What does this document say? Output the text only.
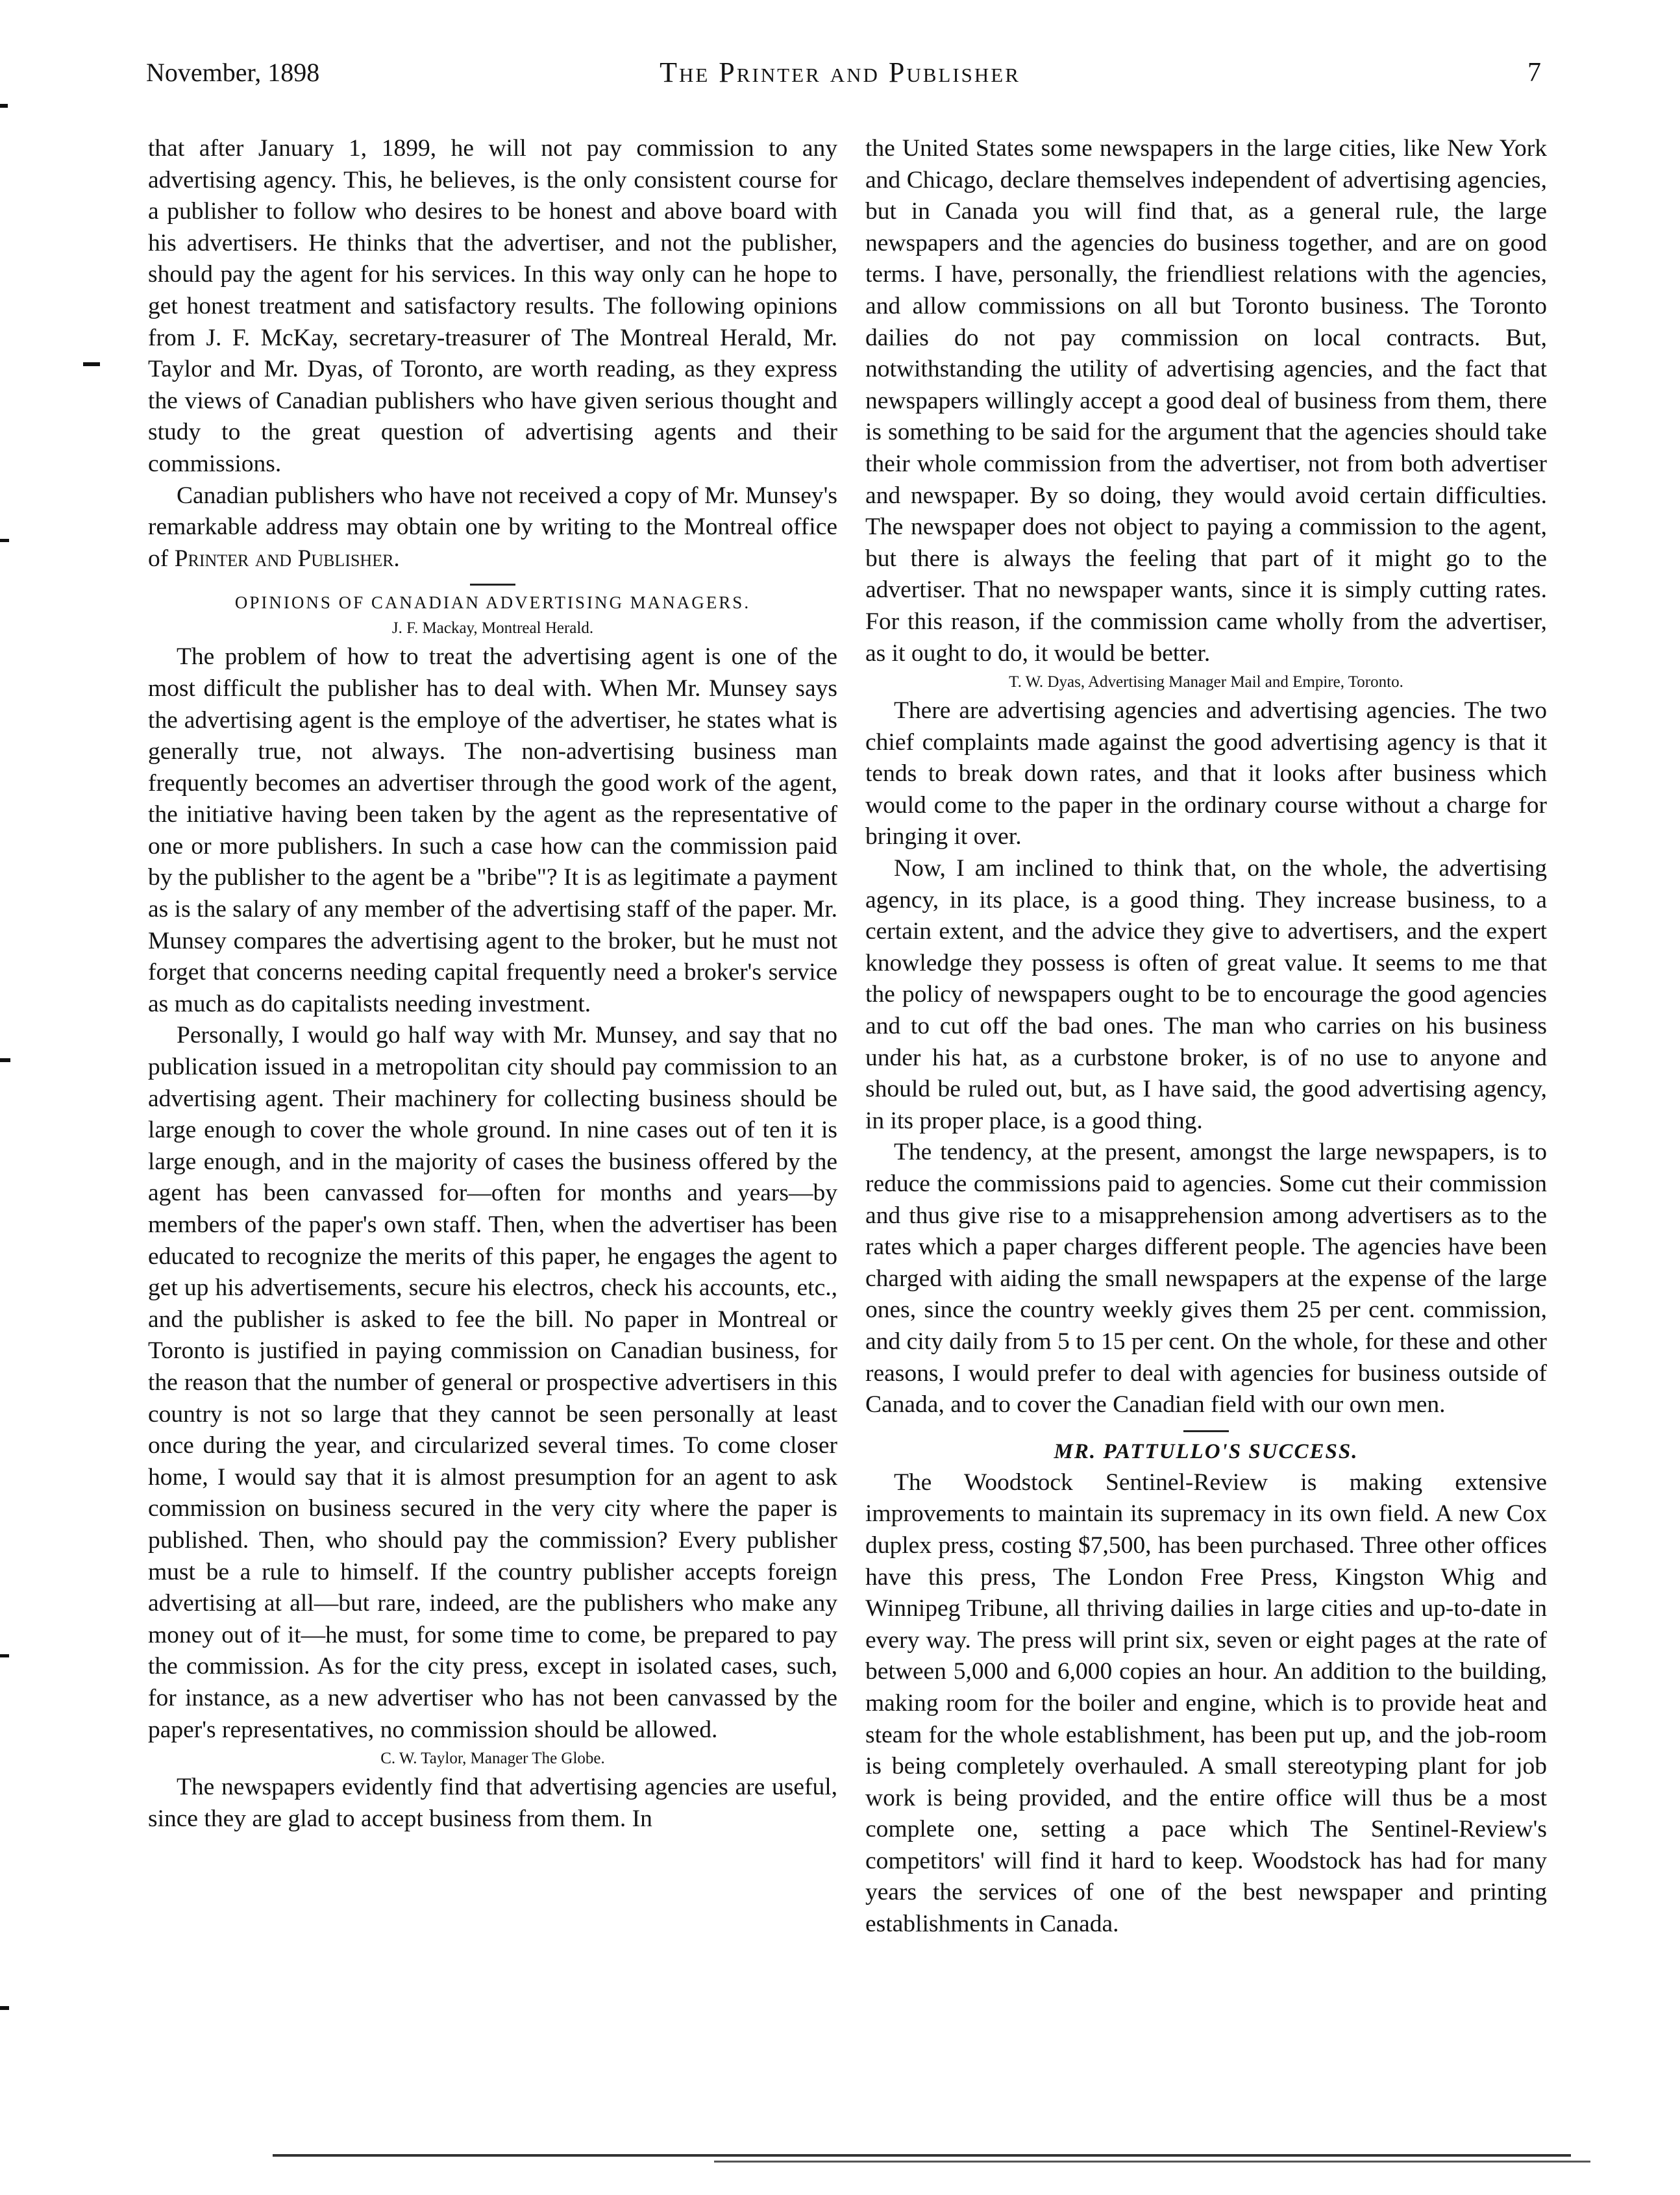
November, 1898	The Printer and Publisher	7

that after January 1, 1899, he will not pay commission to any advertising agency. This, he believes, is the only consistent course for a publisher to follow who desires to be honest and above board with his advertisers. He thinks that the advertiser, and not the publisher, should pay the agent for his services. In this way only can he hope to get honest treatment and satisfactory results. The following opinions from J. F. McKay, secretary-treasurer of The Montreal Herald, Mr. Taylor and Mr. Dyas, of Toronto, are worth reading, as they express the views of Canadian publishers who have given serious thought and study to the great question of advertising agents and their commissions.

Canadian publishers who have not received a copy of Mr. Munsey's remarkable address may obtain one by writing to the Montreal office of Printer and Publisher.

OPINIONS OF CANADIAN ADVERTISING MANAGERS.

J. F. Mackay, Montreal Herald.

The problem of how to treat the advertising agent is one of the most difficult the publisher has to deal with. When Mr. Munsey says the advertising agent is the employe of the advertiser, he states what is generally true, not always. The non-advertising business man frequently becomes an advertiser through the good work of the agent, the initiative having been taken by the agent as the representative of one or more publishers. In such a case how can the commission paid by the publisher to the agent be a "bribe"? It is as legitimate a payment as is the salary of any member of the advertising staff of the paper. Mr. Munsey compares the advertising agent to the broker, but he must not forget that concerns needing capital frequently need a broker's service as much as do capitalists needing investment.

Personally, I would go half way with Mr. Munsey, and say that no publication issued in a metropolitan city should pay commission to an advertising agent. Their machinery for collecting business should be large enough to cover the whole ground. In nine cases out of ten it is large enough, and in the majority of cases the business offered by the agent has been canvassed for—often for months and years—by members of the paper's own staff. Then, when the advertiser has been educated to recognize the merits of this paper, he engages the agent to get up his advertisements, secure his electros, check his accounts, etc., and the publisher is asked to fee the bill. No paper in Montreal or Toronto is justified in paying commission on Canadian business, for the reason that the number of general or prospective advertisers in this country is not so large that they cannot be seen personally at least once during the year, and circularized several times. To come closer home, I would say that it is almost presumption for an agent to ask commission on business secured in the very city where the paper is published. Then, who should pay the commission? Every publisher must be a rule to himself. If the country publisher accepts foreign advertising at all—but rare, indeed, are the publishers who make any money out of it—he must, for some time to come, be prepared to pay the commission. As for the city press, except in isolated cases, such, for instance, as a new advertiser who has not been canvassed by the paper's representatives, no commission should be allowed.

C. W. Taylor, Manager The Globe.

The newspapers evidently find that advertising agencies are useful, since they are glad to accept business from them. In

the United States some newspapers in the large cities, like New York and Chicago, declare themselves independent of advertising agencies, but in Canada you will find that, as a general rule, the large newspapers and the agencies do business together, and are on good terms. I have, personally, the friendliest relations with the agencies, and allow commissions on all but Toronto business. The Toronto dailies do not pay commission on local contracts. But, notwithstanding the utility of advertising agencies, and the fact that newspapers willingly accept a good deal of business from them, there is something to be said for the argument that the agencies should take their whole commission from the advertiser, not from both advertiser and newspaper. By so doing, they would avoid certain difficulties. The newspaper does not object to paying a commission to the agent, but there is always the feeling that part of it might go to the advertiser. That no newspaper wants, since it is simply cutting rates. For this reason, if the commission came wholly from the advertiser, as it ought to do, it would be better.

T. W. Dyas, Advertising Manager Mail and Empire, Toronto.

There are advertising agencies and advertising agencies. The two chief complaints made against the good advertising agency is that it tends to break down rates, and that it looks after business which would come to the paper in the ordinary course without a charge for bringing it over.

Now, I am inclined to think that, on the whole, the advertising agency, in its place, is a good thing. They increase business, to a certain extent, and the advice they give to advertisers, and the expert knowledge they possess is often of great value. It seems to me that the policy of newspapers ought to be to encourage the good agencies and to cut off the bad ones. The man who carries on his business under his hat, as a curbstone broker, is of no use to anyone and should be ruled out, but, as I have said, the good advertising agency, in its proper place, is a good thing.

The tendency, at the present, amongst the large newspapers, is to reduce the commissions paid to agencies. Some cut their commission and thus give rise to a misapprehension among advertisers as to the rates which a paper charges different people. The agencies have been charged with aiding the small newspapers at the expense of the large ones, since the country weekly gives them 25 per cent. commission, and city daily from 5 to 15 per cent. On the whole, for these and other reasons, I would prefer to deal with agencies for business outside of Canada, and to cover the Canadian field with our own men.

MR. PATTULLO'S SUCCESS.

The Woodstock Sentinel-Review is making extensive improvements to maintain its supremacy in its own field. A new Cox duplex press, costing $7,500, has been purchased. Three other offices have this press, The London Free Press, Kingston Whig and Winnipeg Tribune, all thriving dailies in large cities and up-to-date in every way. The press will print six, seven or eight pages at the rate of between 5,000 and 6,000 copies an hour. An addition to the building, making room for the boiler and engine, which is to provide heat and steam for the whole establishment, has been put up, and the job-room is being completely overhauled. A small stereotyping plant for job work is being provided, and the entire office will thus be a most complete one, setting a pace which The Sentinel-Review's competitors' will find it hard to keep. Woodstock has had for many years the services of one of the best newspaper and printing establishments in Canada.
